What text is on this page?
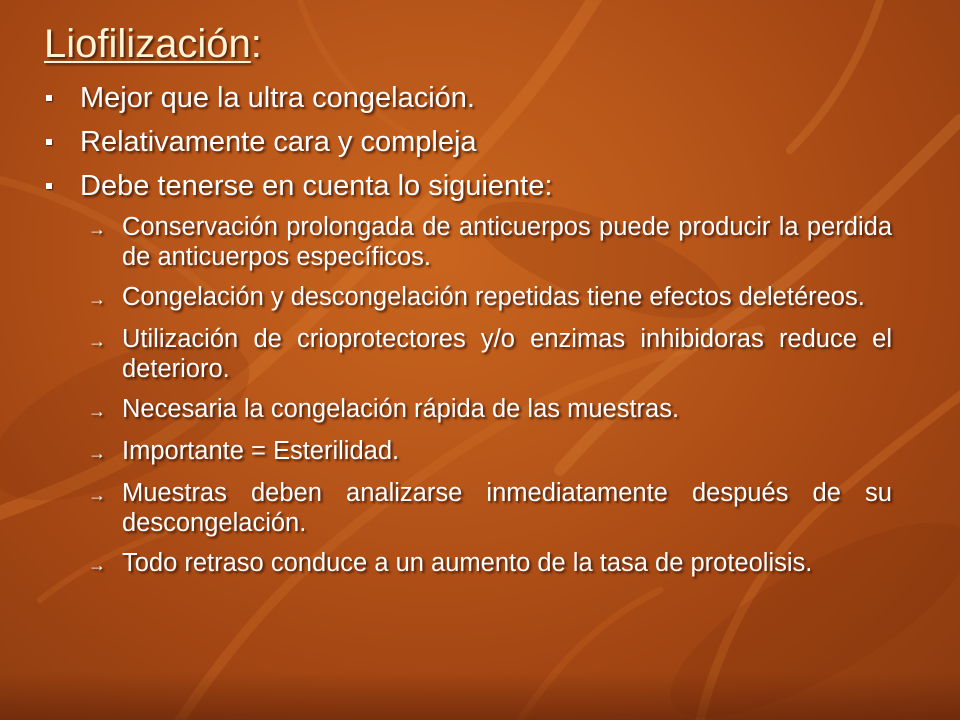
Liofilización:
Mejor que la ultra congelación.
Relativamente cara y compleja
Debe tenerse en cuenta lo siguiente:
→ Conservación prolongada de anticuerpos puede producir la perdida de anticuerpos específicos.
→ Congelación y descongelación repetidas tiene efectos deletéreos.
→ Utilización de crioprotectores y/o enzimas inhibidoras reduce el deterioro.
→ Necesaria la congelación rápida de las muestras.
→ Importante = Esterilidad.
→ Muestras deben analizarse inmediatamente después de su descongelación.
→ Todo retraso conduce a un aumento de la tasa de proteolisis.
